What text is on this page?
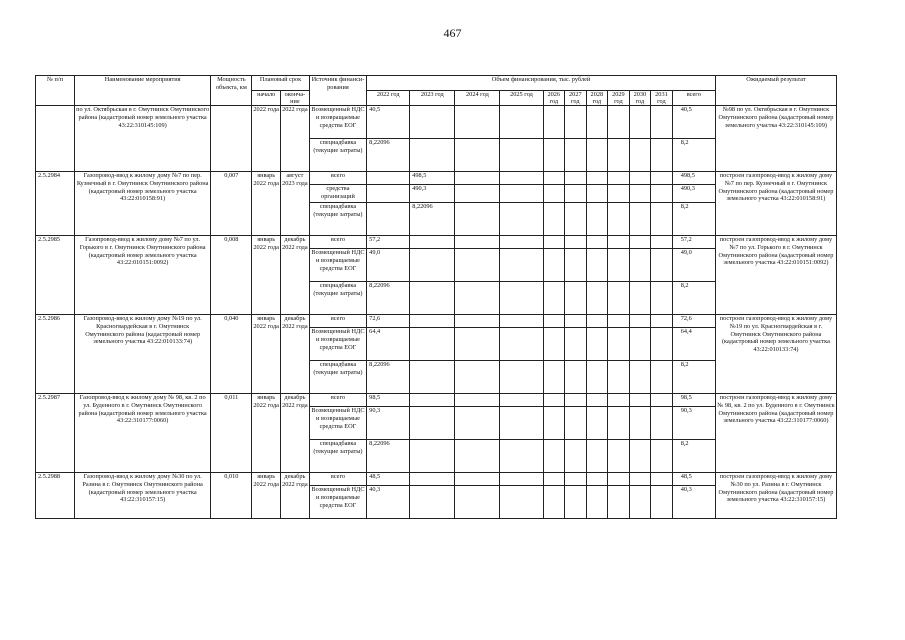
467
№ п/п	Наименование мероприятия	Мощность объекта, км	Плановый срок		Источник финанси-рования	Объем финансирования, тыс. рублей											Ожидаемый результат
			начало	оконча-ние		2022 год	2023 год	2024 год	2025 год	2026 год	2027 год	2028 год	2029 год	2030 год	2031 год	всего	

	по ул. Октябрьская в г. Омутнинск Омутнинского района (кадастровый номер земельного участка 43:22:310145:109)		2022 года	2022 года	Возмещенный НДС и возвращаемые средства ЕОГ	40,5										40,5	№98 по ул. Октябрьская в г. Омутнинск Омутнинского района (кадастровый номер земельного участка 43:22:310145:109)
					спецнадбавка (текущие затраты)	8,22096										8,2	
2.5.2984	Газопровод-ввод к жилому дому №7 по пер. Кузнечный в г. Омутнинск Омутнинского района (кадастровый номер земельного участка 43:22:010158:91)	0,007	январь 2022 года	август 2023 года	всего		498,5									498,5	построен газопровод-ввод к жилому дому №7 по пер. Кузнечный в г. Омутнинск Омутнинского района (кадастровый номер земельного участка 43:22:010158:91)
					средства организаций		490,3									490,3	
					спецнадбавка (текущие затраты)		8,22096									8,2	
2.5.2985	Газопровод-ввод к жилому дому №7 по ул. Горького в г. Омутнинск Омутнинского района (кадастровый номер земельного участка 43:22:010151:0092)	0,008	январь 2022 года	декабрь 2022 года	всего	57,2										57,2	построен газопровод-ввод к жилому дому №7 по ул. Горького в г. Омутнинск Омутнинского района (кадастровый номер земельного участка 43:22:010151:0092)
					Возмещенный НДС и возвращаемые средства ЕОГ	49,0										49,0	
					спецнадбавка (текущие затраты)	8,22096										8,2	
2.5.2986	Газопровод-ввод к жилому дому №19 по ул. Красногвардейская в г. Омутнинск Омутнинского района (кадастровый номер земельного участка 43:22:010133:74)	0,040	январь 2022 года	декабрь 2022 года	всего	72,6										72,6	построен газопровод-ввод к жилому дому №19 по ул. Красногвардейская в г. Омутнинск Омутнинского района (кадастровый номер земельного участка 43:22:010133:74)
					Возмещенный НДС и возвращаемые средства ЕОГ	64,4										64,4	
					спецнадбавка (текущие затраты)	8,22096										8,2	
2.5.2987	Газопровод-ввод к жилому дому № 98, кв. 2 по ул. Буденного в г. Омутнинск Омутнинского района (кадастровый номер земельного участка 43:22:310177:0060)	0,011	январь 2022 года	декабрь 2022 года	всего	98,5										98,5	построен газопровод-ввод к жилому дому № 98, кв. 2 по ул. Буденного в г. Омутнинск Омутнинского района (кадастровый номер земельного участка 43:22:310177:0060)
					Возмещенный НДС и возвращаемые средства ЕОГ	90,3										90,3	
					спецнадбавка (текущие затраты)	8,22096										8,2	
2.5.2988	Газопровод-ввод к жилому дому №30 по ул. Разина в г. Омутнинск Омутнинского района (кадастровый номер земельного участка 43:22:310157:15)	0,010	январь 2022 года	декабрь 2022 года	всего	48,5										48,5	построен газопровод-ввод к жилому дому №30 по ул. Разина в г. Омутнинск Омутнинского района (кадастровый номер земельного участка 43:22:310157:15)
					Возмещенный НДС и возвращаемые средства ЕОГ	40,3										40,3	
